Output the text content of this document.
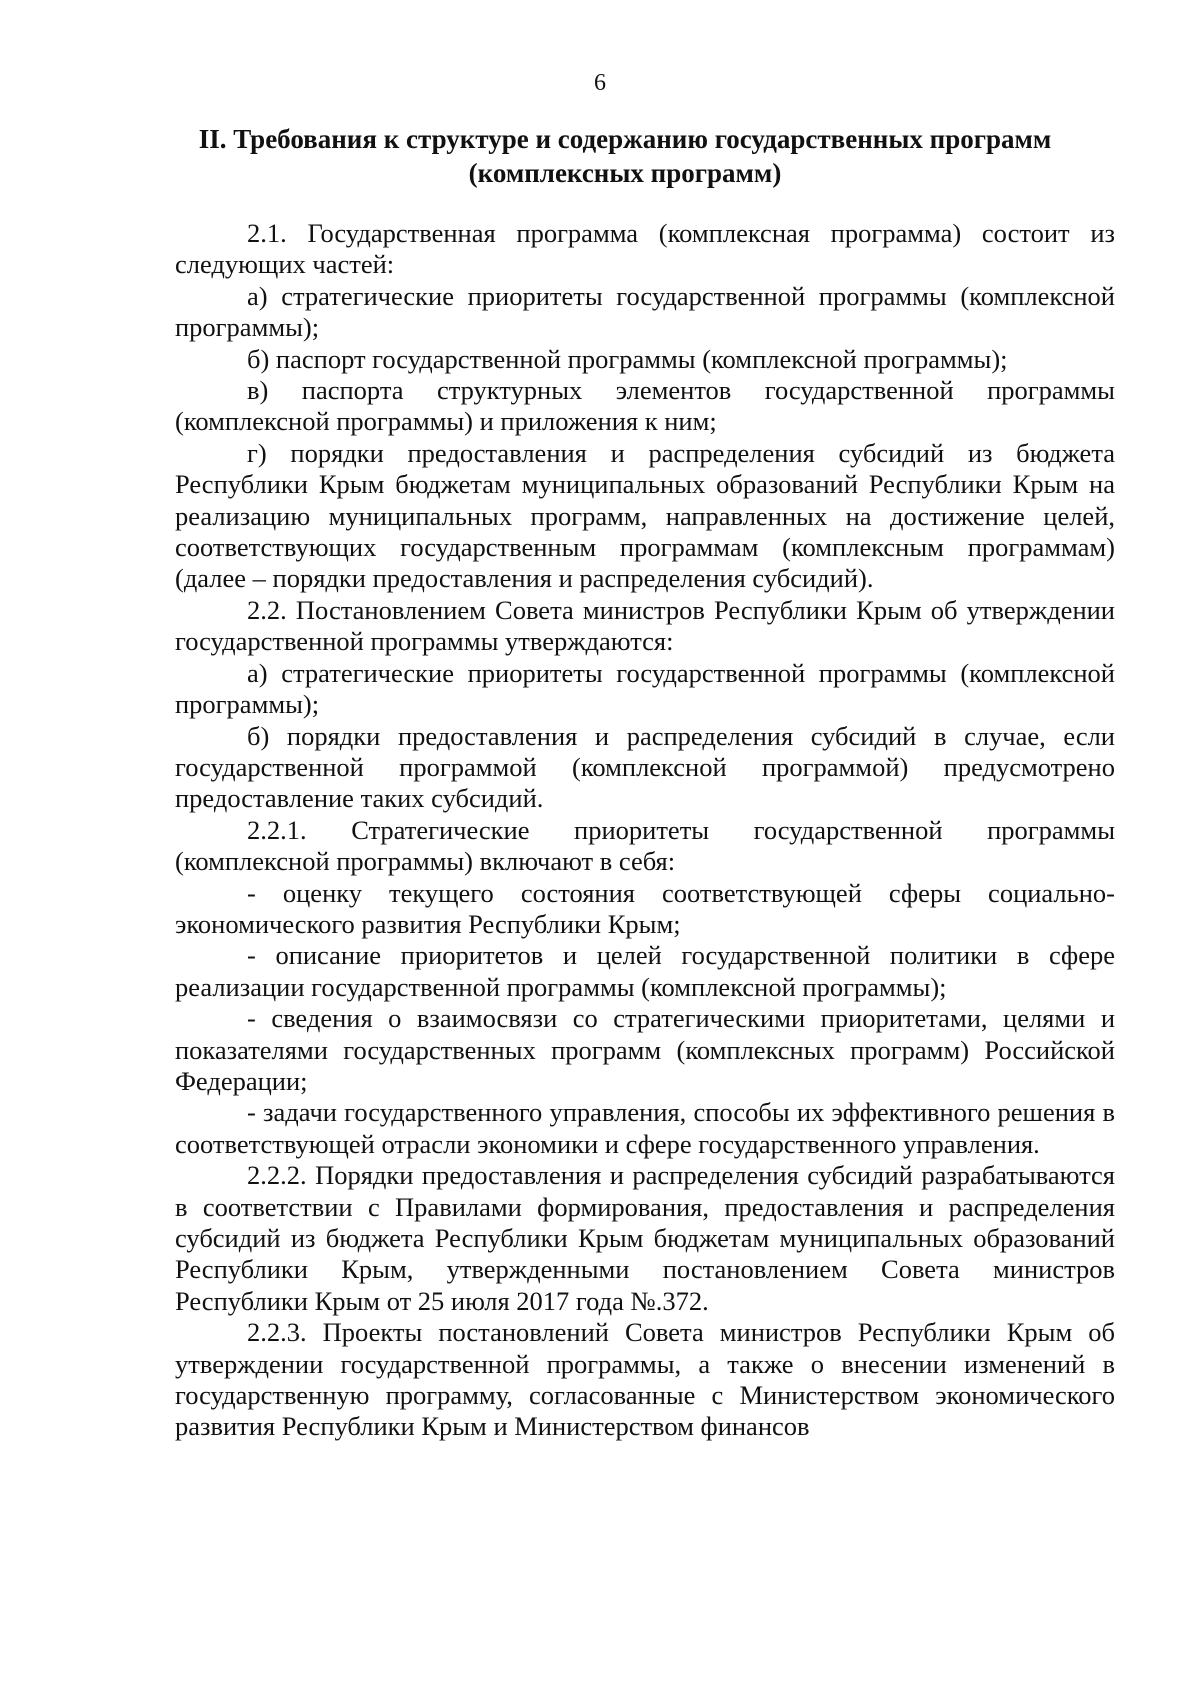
6
II. Требования к структуре и содержанию государственных программ
(комплексных программ)

2.1. Государственная программа (комплексная программа) состоит из следующих частей:

а) стратегические приоритеты государственной программы (комплексной программы);

б) паспорт государственной программы (комплексной программы);

в) паспорта структурных элементов государственной программы (комплексной программы) и приложения к ним;

г) порядки предоставления и распределения субсидий из бюджета Республики Крым бюджетам муниципальных образований Республики Крым на реализацию муниципальных программ, направленных на достижение целей, соответствующих государственным программам (комплексным программам) (далее – порядки предоставления и распределения субсидий).

2.2. Постановлением Совета министров Республики Крым об утверждении государственной программы утверждаются:

а) стратегические приоритеты государственной программы (комплексной программы);

б) порядки предоставления и распределения субсидий в случае, если государственной программой (комплексной программой) предусмотрено предоставление таких субсидий.

2.2.1. Стратегические приоритеты государственной программы (комплексной программы) включают в себя:

- оценку текущего состояния соответствующей сферы социально-экономического развития Республики Крым;

- описание приоритетов и целей государственной политики в сфере реализации государственной программы (комплексной программы);

- сведения о взаимосвязи со стратегическими приоритетами, целями и показателями государственных программ (комплексных программ) Российской Федерации;

- задачи государственного управления, способы их эффективного решения в соответствующей отрасли экономики и сфере государственного управления.

2.2.2. Порядки предоставления и распределения субсидий разрабатываются в соответствии с Правилами формирования, предоставления и распределения субсидий из бюджета Республики Крым бюджетам муниципальных образований Республики Крым, утвержденными постановлением Совета министров Республики Крым от 25 июля 2017 года №.372.

2.2.3. Проекты постановлений Совета министров Республики Крым об утверждении государственной программы, а также о внесении изменений в государственную программу, согласованные с Министерством экономического развития Республики Крым и Министерством финансов
